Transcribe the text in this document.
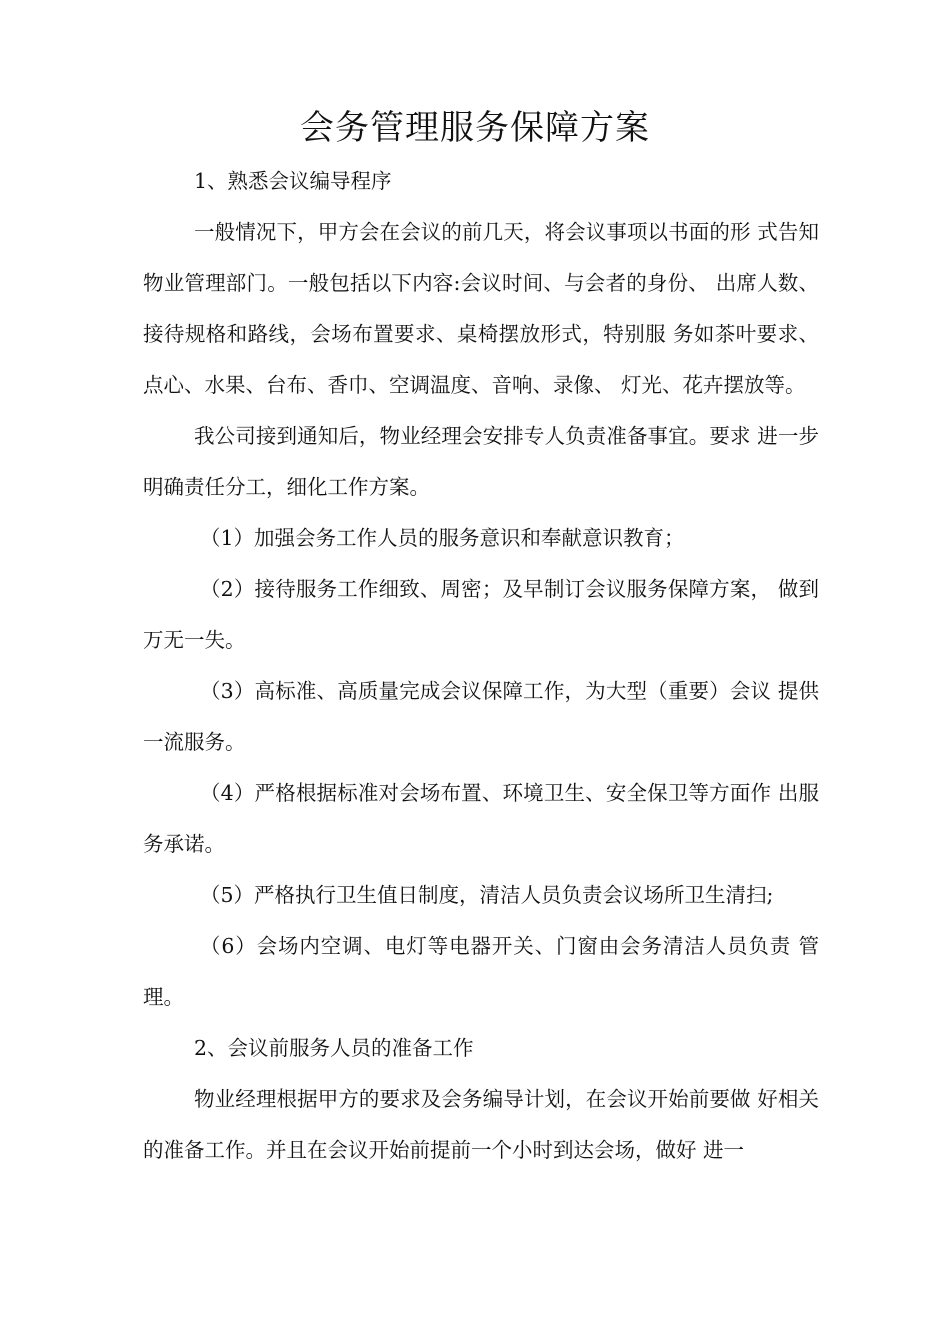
会务管理服务保障方案

1、熟悉会议编导程序

一般情况下，甲方会在会议的前几天，将会议事项以书面的形 式告知物业管理部门。一般包括以下内容:会议时间、与会者的身份、 出席人数、接待规格和路线，会场布置要求、桌椅摆放形式，特别服 务如茶叶要求、点心、水果、台布、香巾、空调温度、音响、录像、 灯光、花卉摆放等。

我公司接到通知后，物业经理会安排专人负责准备事宜。要求 进一步明确责任分工，细化工作方案。

（1）加强会务工作人员的服务意识和奉献意识教育；

（2）接待服务工作细致、周密；及早制订会议服务保障方案， 做到万无一失。

（3）高标准、高质量完成会议保障工作，为大型（重要）会议 提供一流服务。

（4）严格根据标准对会场布置、环境卫生、安全保卫等方面作 出服务承诺。

（5）严格执行卫生值日制度，清洁人员负责会议场所卫生清扫;

（6）会场内空调、电灯等电器开关、门窗由会务清洁人员负责 管理。

2、会议前服务人员的准备工作

物业经理根据甲方的要求及会务编导计划，在会议开始前要做 好相关的准备工作。并且在会议开始前提前一个小时到达会场，做好 进一
